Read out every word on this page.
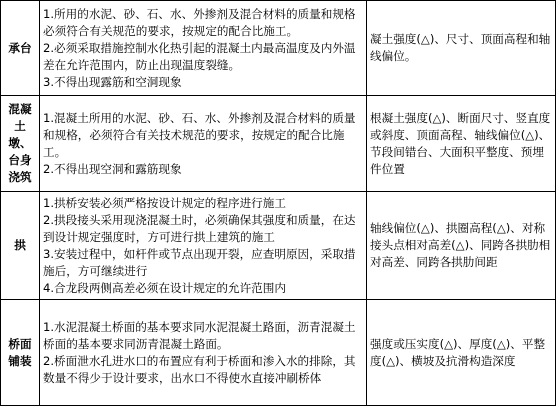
承台	1.所用的水泥、砂、石、水、外掺剂及混合材料的质量和规格必须符合有关规范的要求，按规定的配合比施工。
2.必须采取措施控制水化热引起的混凝土内最高温度及内外温差在允许范围内，防止出现温度裂缝。
3.不得出现露筋和空洞现象	凝土强度(△)、尺寸、顶面高程和轴线偏位。

混凝土墩、台身浇筑	1.混凝土所用的水泥、砂、石、水、外掺剂及混合材料的质量和规格，必须符合有关技术规范的要求，按规定的配合比施工。
2.不得出现空洞和露筋现象	根凝土强度(△)、断面尺寸、竖直度或斜度、顶面高程、轴线偏位(△)、节段间错台、大面积平整度、预埋件位置

拱	1.拱桥安装必须严格按设计规定的程序进行施工
2.拱段接头采用现浇混凝土时，必须确保其强度和质量，在达到设计规定强度时，方可进行拱上建筑的施工
3.安装过程中，如杆件或节点出现开裂，应查明原因，采取措施后，方可继续进行
4.合龙段两侧高差必须在设计规定的允许范围内	轴线偏位(△)、拱圈高程(△)、对称接头点相对高差(△)、同跨各拱肋相对高差、同跨各拱肋间距

桥面铺装	1.水泥混凝土桥面的基本要求同水泥混凝土路面，沥青混凝土桥面的基本要求同沥青混凝土路面。
2.桥面泄水孔进水口的布置应有利于桥面和渗入水的排除，其数量不得少于设计要求，出水口不得使水直接冲刷桥体	强度或压实度(△)、厚度(△)、平整度(△)、横坡及抗滑构造深度
